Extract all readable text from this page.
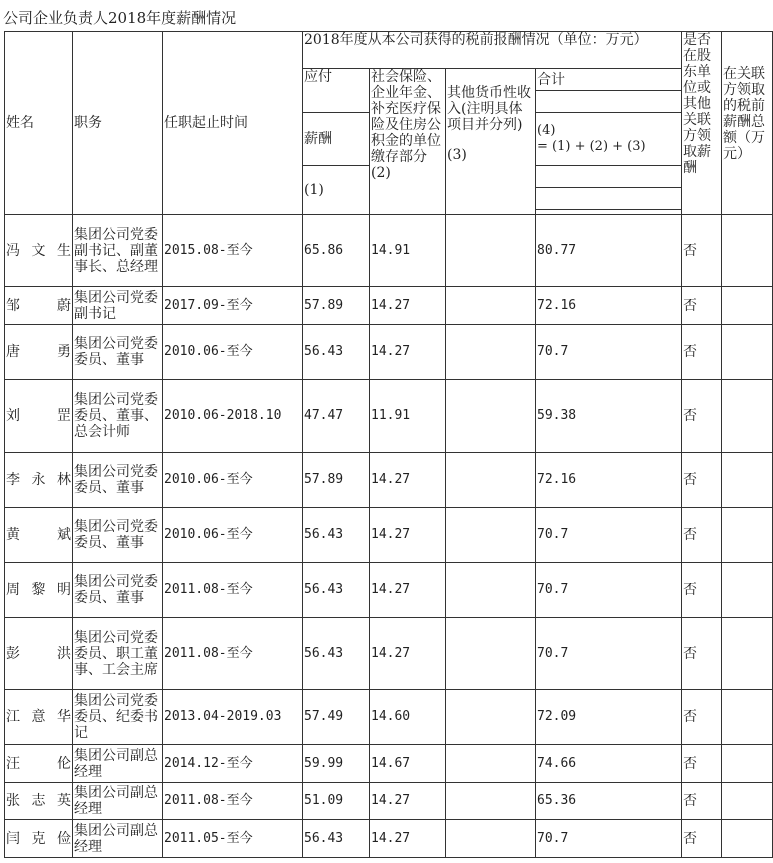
公司企业负责人2018年度薪酬情况
姓名	职务	任职起止时间	2018年度从本公司获得的税前报酬情况（单位：万元）				是否在股东单位或其他关联方领取薪酬	在关联方领取的税前薪酬总额（万元）
			应付	社会保险、企业年金、补充医疗保险及住房公积金的单位缴存部分 (2)	其他货币性收入(注明具体项目并分列)
(3)	合计		

			薪酬			(4)
= (1) + (2) + (3)		

			(1)					

冯文生	集团公司党委副书记、副董事长、总经理	2015.08-至今	65.86	14.91		80.77	否	
邹　蔚	集团公司党委副书记	2017.09-至今	57.89	14.27		72.16	否	
唐　勇	集团公司党委委员、董事	2010.06-至今	56.43	14.27		70.7	否	
刘　罡	集团公司党委委员、董事、总会计师	2010.06-2018.10	47.47	11.91		59.38	否	
李永林	集团公司党委委员、董事	2010.06-至今	57.89	14.27		72.16	否	
黄　斌	集团公司党委委员、董事	2010.06-至今	56.43	14.27		70.7	否	
周黎明	集团公司党委委员、董事	2011.08-至今	56.43	14.27		70.7	否	
彭　洪	集团公司党委委员、职工董事、工会主席	2011.08-至今	56.43	14.27		70.7	否	
江意华	集团公司党委委员、纪委书记	2013.04-2019.03	57.49	14.60		72.09	否	
汪　伦	集团公司副总经理	2014.12-至今	59.99	14.67		74.66	否	
张志英	集团公司副总经理	2011.08-至今	51.09	14.27		65.36	否	
闫克俭	集团公司副总经理	2011.05-至今	56.43	14.27		70.7	否	
